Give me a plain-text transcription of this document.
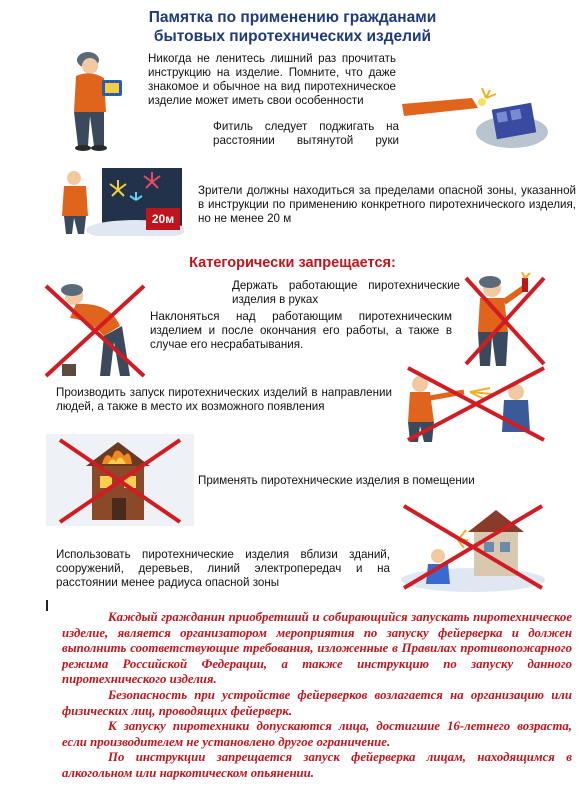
Памятка по применению гражданами
бытовых пиротехнических изделий
Никогда не ленитесь лишний раз прочитать инструкцию на изделие. Помните, что даже знакомое и обычное на вид пиротехническое изделие может иметь свои особенности
Фитиль следует поджигать на расстоянии вытянутой руки
20м
Зрители должны находиться за пределами опасной зоны, указанной в инструкции по применению конкретного пиротехнического изделия, но не менее 20 м
Категорически запрещается:
Держать работающие пиротехнические изделия в руках
Наклоняться над работающим пиротехническим изделием и после окончания его работы, а также в случае его несрабатывания.
Производить запуск пиротехнических изделий в направлении людей, а также в место их возможного появления
Применять пиротехнические изделия в помещении
Использовать пиротехнические изделия вблизи зданий, сооружений, деревьев, линий электропередач и на расстоянии менее радиуса опасной зоны

Каждый гражданин приобретший и собирающийся запускать пиротехническое изделие, является организатором мероприятия по запуску фейерверка и должен выполнить соответствующие требования, изложенные в Правилах противопожарного режима Российской Федерации, а также инструкцию по запуску данного пиротехнического изделия.

Безопасность при устройстве фейерверков возлагается на организацию или физических лиц, проводящих фейерверк.

К запуску пиротехники допускаются лица, достигшие 16-летнего возраста, если производителем не установлено другое ограничение.

По инструкции запрещается запуск фейерверка лицам, находящимся в алкогольном или наркотическом опьянении.
